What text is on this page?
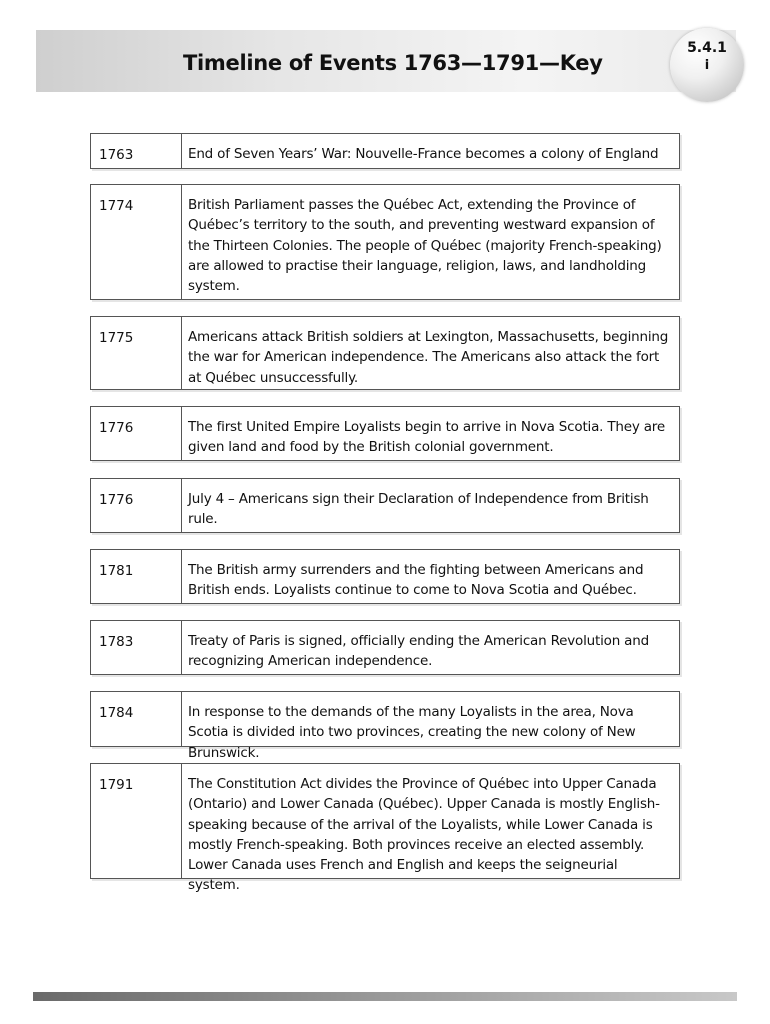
Timeline of Events 1763—1791—Key
5.4.1
i
1763	End of Seven Years’ War: Nouvelle-France becomes a colony of England
1774	British Parliament passes the Québec Act, extending the Province of Québec’s territory to the south, and preventing westward expansion of the Thirteen Colonies. The people of Québec (majority French-speaking) are allowed to practise their language, religion, laws, and landholding system.
1775	Americans attack British soldiers at Lexington, Massachusetts, beginning the war for American independence. The Americans also attack the fort at Québec unsuccessfully.
1776	The first United Empire Loyalists begin to arrive in Nova Scotia. They are given land and food by the British colonial government.
1776	July 4 – Americans sign their Declaration of Independence from British rule.
1781	The British army surrenders and the fighting between Americans and British ends. Loyalists continue to come to Nova Scotia and Québec.
1783	Treaty of Paris is signed, officially ending the American Revolution and recognizing American independence.
1784	In response to the demands of the many Loyalists in the area, Nova Scotia is divided into two provinces, creating the new colony of New Brunswick.
1791	The Constitution Act divides the Province of Québec into Upper Canada (Ontario) and Lower Canada (Québec). Upper Canada is mostly English-speaking because of the arrival of the Loyalists, while Lower Canada is mostly French-speaking. Both provinces receive an elected assembly. Lower Canada uses French and English and keeps the seigneurial system.
